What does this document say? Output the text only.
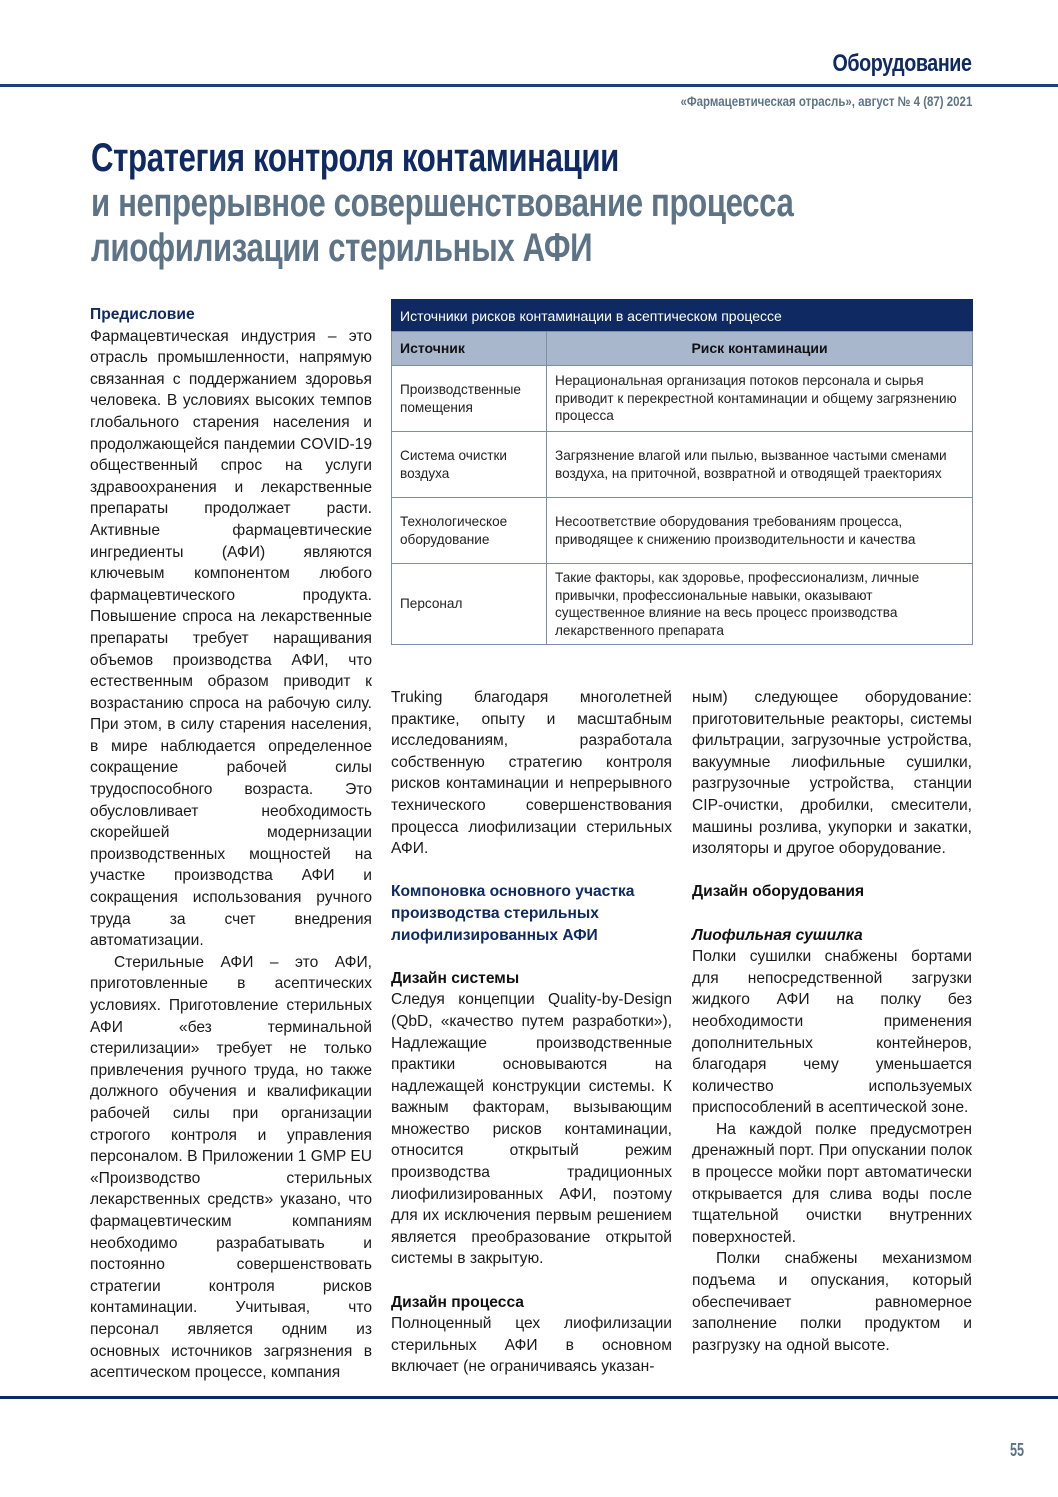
Оборудование
«Фармацевтическая отрасль», август № 4 (87) 2021
Стратегия контроля контаминации
и непрерывное совершенствование процесса
лиофилизации стерильных АФИ
Предисловие

Фармацевтическая индустрия – это отрасль промышленности, напрямую связанная с поддержанием здоровья человека. В условиях высоких темпов глобального старения населения и продолжающейся пандемии COVID-19 общественный спрос на услуги здравоохранения и лекарственные препараты продолжает расти. Активные фармацевтические ингредиенты (АФИ) являются ключевым компонентом любого фармацевтического продукта. Повышение спроса на лекарственные препараты требует наращивания объемов производства АФИ, что естественным образом приводит к возрастанию спроса на рабочую силу. При этом, в силу старения населения, в мире наблюдается определенное сокращение рабочей силы трудоспособного возраста. Это обусловливает необходимость скорейшей модернизации производственных мощностей на участке производства АФИ и сокращения использования ручного труда за счет внедрения автоматизации.

Стерильные АФИ – это АФИ, приготовленные в асептических условиях. Приготовление стерильных АФИ «без терминальной стерилизации» требует не только привлечения ручного труда, но также должного обучения и квалификации рабочей силы при организации строгого контроля и управления персоналом. В Приложении 1 GMP EU «Производство стерильных лекарственных средств» указано, что фармацевтическим компаниям необходимо разрабатывать и постоянно совершенствовать стратегии контроля рисков контаминации. Учитывая, что персонал является одним из основных источников загрязнения в асептическом процессе, компания

Источники рисков контаминации в асептическом процессе
Источник	Риск контаминации
Производственные помещения	Нерациональная организация потоков персонала и сырья приводит к перекрестной контаминации и общему загрязнению процесса
Система очистки воздуха	Загрязнение влагой или пылью, вызванное частыми сменами воздуха, на приточной, возвратной и отводящей траекториях
Технологическое оборудование	Несоответствие оборудования требованиям процесса, приводящее к снижению производительности и качества
Персонал	Такие факторы, как здоровье, профессионализм, личные привычки, профессиональные навыки, оказывают существенное влияние на весь процесс производства лекарственного препарата

Truking благодаря многолетней практике, опыту и масштабным исследованиям, разработала собственную стратегию контроля рисков контаминации и непрерывного технического совершенствования процесса лиофилизации стерильных АФИ.

Компоновка основного участка производства стерильных лиофилизированных АФИ
Дизайн системы

Следуя концепции Quality-by-Design (QbD, «качество путем разработки»), Надлежащие производственные практики основываются на надлежащей конструкции системы. К важным факторам, вызывающим множество рисков контаминации, относится открытый режим производства традиционных лиофилизированных АФИ, поэтому для их исключения первым решением является преобразование открытой системы в закрытую.

Дизайн процесса

Полноценный цех лиофилизации стерильных АФИ в основном включает (не ограничиваясь указан-

ным) следующее оборудование: приготовительные реакторы, системы фильтрации, загрузочные устройства, вакуумные лиофильные сушилки, разгрузочные устройства, станции CIP-очистки, дробилки, смесители, машины розлива, укупорки и закатки, изоляторы и другое оборудование.

Дизайн оборудования
Лиофильная сушилка

Полки сушилки снабжены бортами для непосредственной загрузки жидкого АФИ на полку без необходимости применения дополнительных контейнеров, благодаря чему уменьшается количество используемых приспособлений в асептической зоне.

На каждой полке предусмотрен дренажный порт. При опускании полок в процессе мойки порт автоматически открывается для слива воды после тщательной очистки внутренних поверхностей.

Полки снабжены механизмом подъема и опускания, который обеспечивает равномерное заполнение полки продуктом и разгрузку на одной высоте.

55
